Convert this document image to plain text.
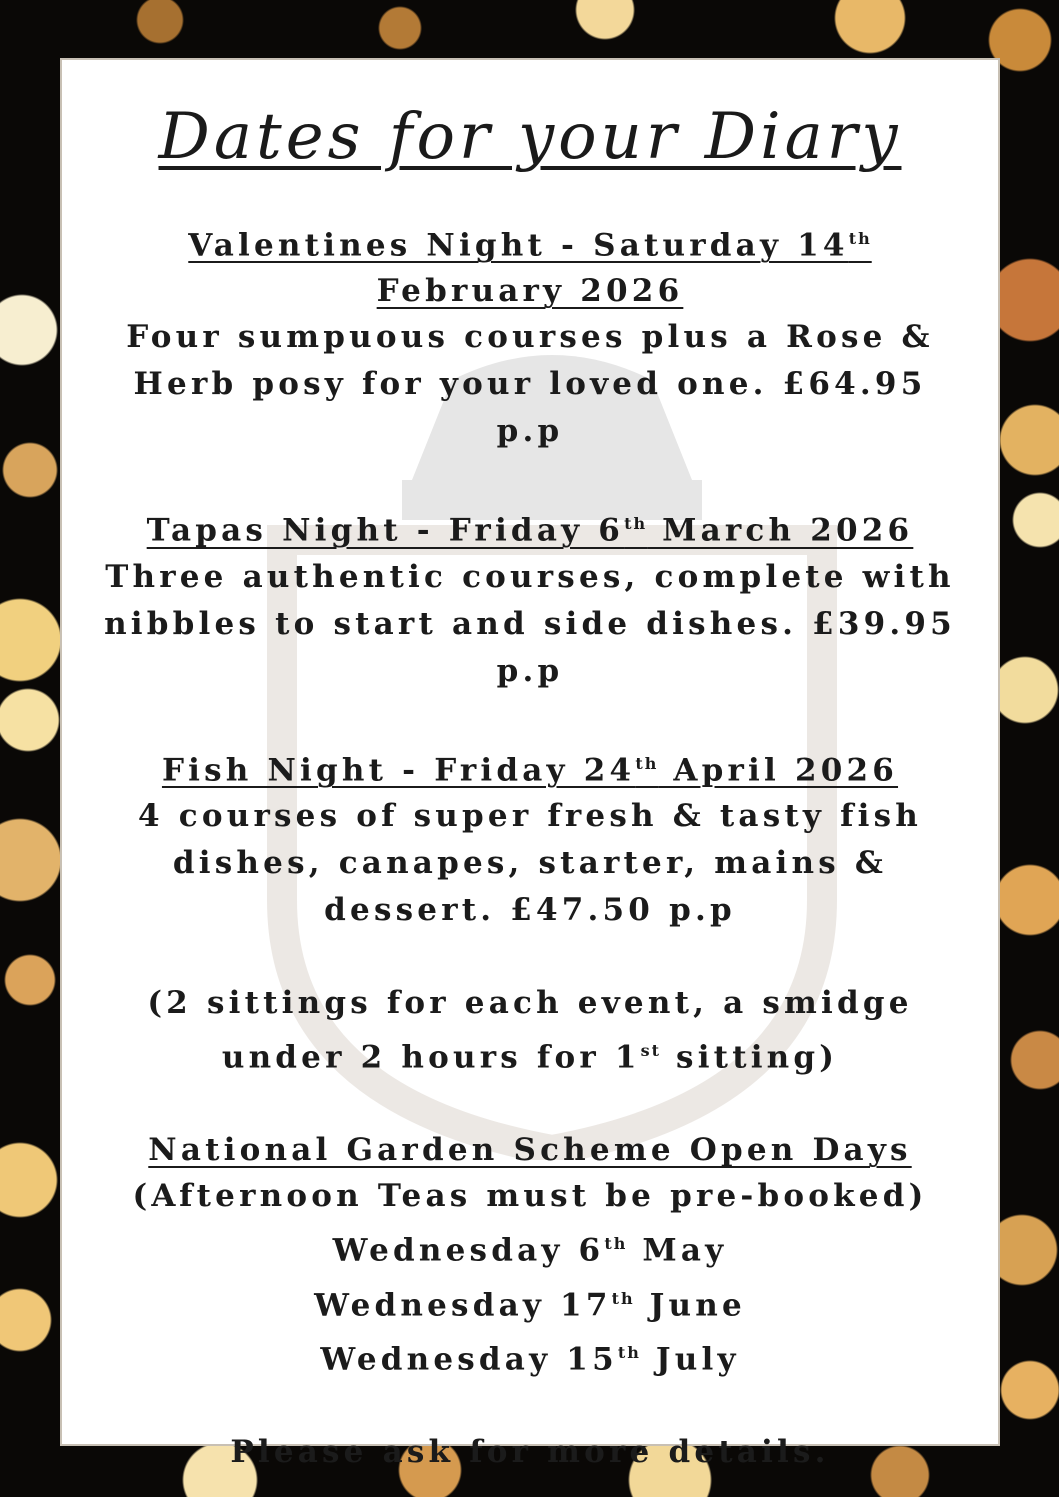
Dates for your Diary

Valentines Night - Saturday 14th

February 2026

Four sumpuous courses plus a Rose &

Herb posy for your loved one. £64.95

p.p

Tapas Night - Friday 6th March 2026

Three authentic courses, complete with

nibbles to start and side dishes. £39.95

p.p

Fish Night - Friday 24th April 2026

4 courses of super fresh & tasty fish

dishes, canapes, starter, mains &

dessert. £47.50 p.p

(2 sittings for each event, a smidge

under 2 hours for 1st sitting)

National Garden Scheme Open Days

(Afternoon Teas must be pre-booked)

Wednesday 6th May

Wednesday 17th June

Wednesday 15th July

Please ask for more details.
